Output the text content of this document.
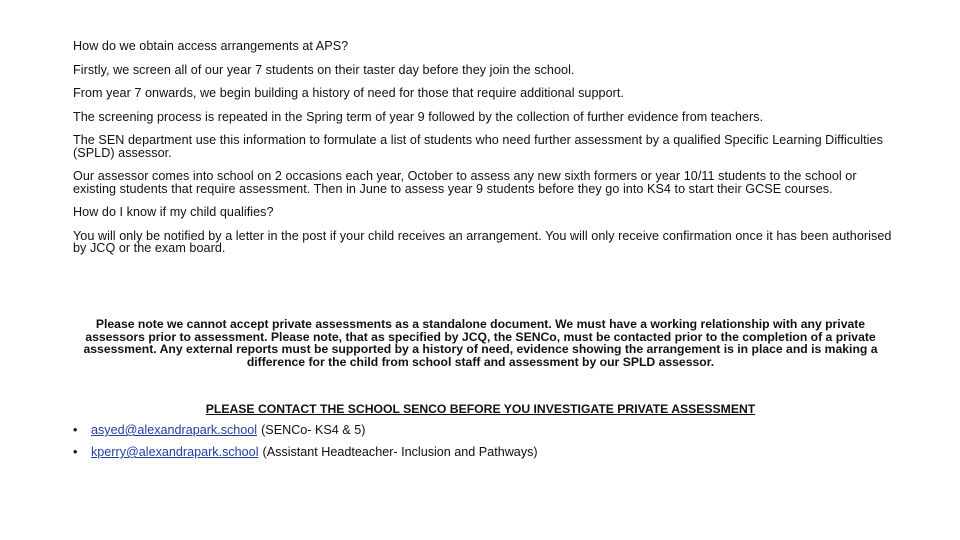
How do we obtain access arrangements at APS?

Firstly, we screen all of our year 7 students on their taster day before they join the school.

From year 7 onwards, we begin building a history of need for those that require additional support.

The screening process is repeated in the Spring term of year 9 followed by the collection of further evidence from teachers.

The SEN department use this information to formulate a list of students who need further assessment by a qualified Specific Learning Difficulties (SPLD) assessor.

Our assessor comes into school on 2 occasions each year, October to assess any new sixth formers or year 10/11 students to the school or existing students that require assessment. Then in June to assess year 9 students before they go into KS4 to start their GCSE courses.

How do I know if my child qualifies?

You will only be notified by a letter in the post if your child receives an arrangement. You will only receive confirmation once it has been authorised by JCQ or the exam board.

Please note we cannot accept private assessments as a standalone document. We must have a working relationship with any private assessors prior to assessment. Please note, that as specified by JCQ, the SENCo, must be contacted prior to the completion of a private assessment. Any external reports must be supported by a history of need, evidence showing the arrangement is in place and is making a difference for the child from school staff and assessment by our SPLD assessor.

PLEASE CONTACT THE SCHOOL SENCO BEFORE YOU INVESTIGATE PRIVATE ASSESSMENT

•	asyed@alexandrapark.school (SENCo- KS4 & 5)
•	kperry@alexandrapark.school (Assistant Headteacher- Inclusion and Pathways)
